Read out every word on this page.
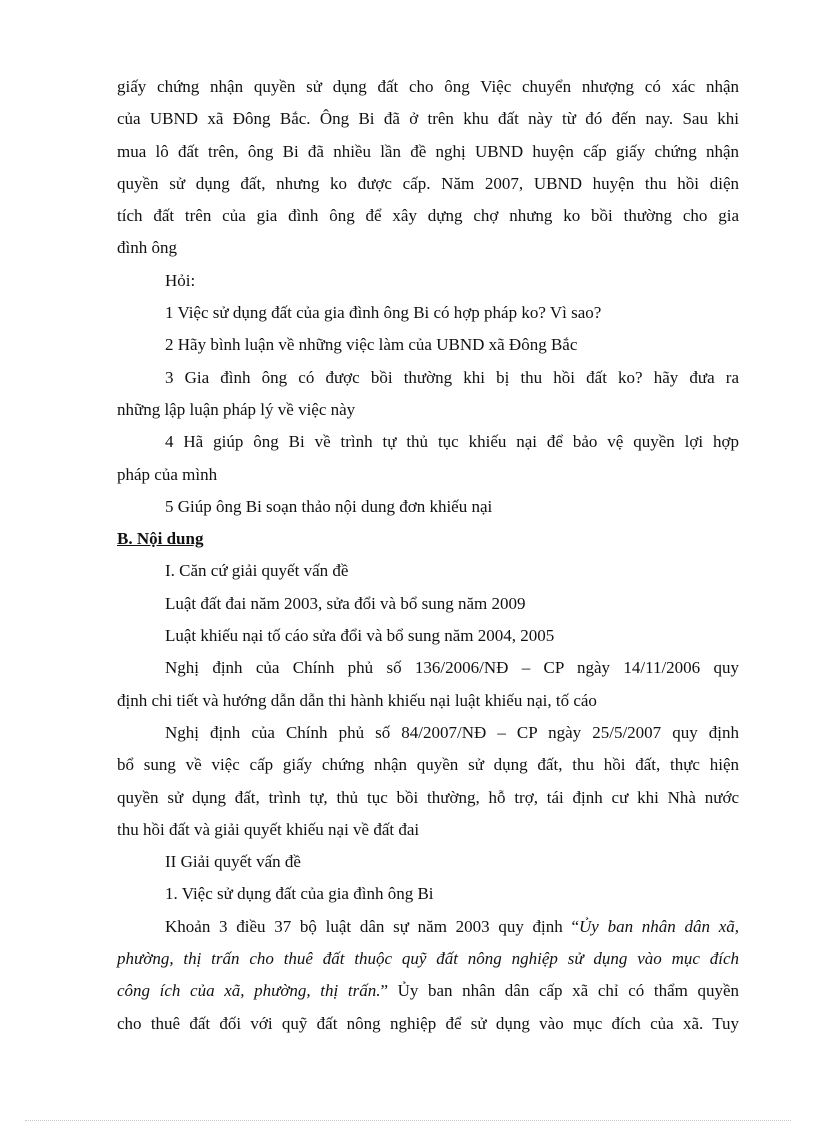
giấy chứng nhận quyền sử dụng đất cho ông Việc chuyển nhượng có xác nhận
của UBND xã Đông Bắc. Ông Bi đã ở trên khu đất này từ đó đến nay. Sau khi
mua lô đất trên, ông Bi đã nhiều lần đề nghị UBND huyện cấp giấy chứng nhận
quyền sử dụng đất, nhưng ko được cấp. Năm 2007, UBND huyện thu hồi diện
tích đất trên của gia đình ông để xây dựng chợ nhưng ko bồi thường cho gia
đình ông
Hỏi:
1 Việc sử dụng đất của gia đình ông Bi có hợp pháp ko? Vì sao?
2 Hãy bình luận về những việc làm của UBND xã Đông Bắc
3 Gia đình ông có được bồi thường khi bị thu hồi đất ko? hãy đưa ra
những lập luận pháp lý về việc này
4 Hã giúp ông Bi về trình tự thủ tục khiếu nại để bảo vệ quyền lợi hợp
pháp của mình
5 Giúp ông Bi soạn thảo nội dung đơn khiếu nại
B. Nội dung
I. Căn cứ giải quyết vấn đề
Luật đất đai năm 2003, sửa đổi và bổ sung năm 2009
Luật khiếu nại tố cáo sửa đổi và bổ sung năm 2004, 2005
Nghị định của Chính phủ số 136/2006/NĐ – CP ngày 14/11/2006 quy
định chi tiết và hướng dẫn dẫn thi hành khiếu nại luật khiếu nại, tố cáo
Nghị định của Chính phủ số 84/2007/NĐ – CP ngày 25/5/2007 quy định
bổ sung về việc cấp giấy chứng nhận quyền sử dụng đất, thu hồi đất, thực hiện
quyền sử dụng đất, trình tự, thủ tục bồi thường, hỗ trợ, tái định cư khi Nhà nước
thu hồi đất và giải quyết khiếu nại về đất đai
II Giải quyết vấn đề
1. Việc sử dụng đất của gia đình ông Bi
Khoản 3 điều 37 bộ luật dân sự năm 2003 quy định “Ủy ban nhân dân xã,
phường, thị trấn cho thuê đất thuộc quỹ đất nông nghiệp sử dụng vào mục đích
công ích của xã, phường, thị trấn.” Ủy ban nhân dân cấp xã chỉ có thẩm quyền
cho thuê đất đối với quỹ đất nông nghiệp để sử dụng vào mục đích của xã. Tuy
